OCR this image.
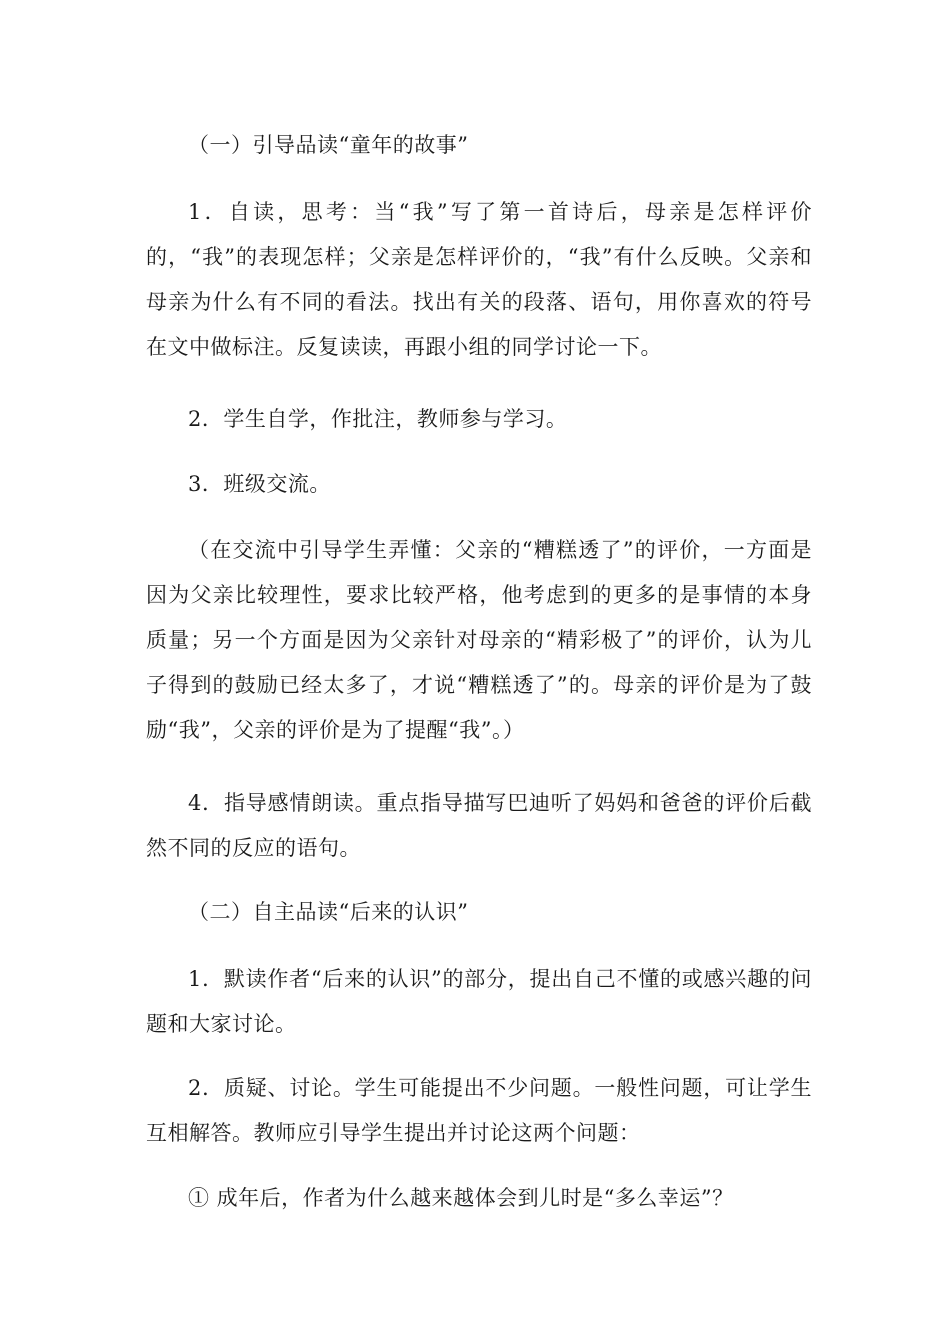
（一）引导品读“童年的故事”

1．自读，思考：当“我”写了第一首诗后，母亲是怎样评价的，“我”的表现怎样；父亲是怎样评价的，“我”有什么反映。父亲和母亲为什么有不同的看法。找出有关的段落、语句，用你喜欢的符号在文中做标注。反复读读，再跟小组的同学讨论一下。

2．学生自学，作批注，教师参与学习。

3．班级交流。

（在交流中引导学生弄懂：父亲的“糟糕透了”的评价，一方面是因为父亲比较理性，要求比较严格，他考虑到的更多的是事情的本身质量；另一个方面是因为父亲针对母亲的“精彩极了”的评价，认为儿子得到的鼓励已经太多了，才说“糟糕透了”的。母亲的评价是为了鼓励“我”，父亲的评价是为了提醒“我”。）

4．指导感情朗读。重点指导描写巴迪听了妈妈和爸爸的评价后截然不同的反应的语句。

（二）自主品读“后来的认识”

1．默读作者“后来的认识”的部分，提出自己不懂的或感兴趣的问题和大家讨论。

2．质疑、讨论。学生可能提出不少问题。一般性问题，可让学生互相解答。教师应引导学生提出并讨论这两个问题：

① 成年后，作者为什么越来越体会到儿时是“多么幸运”？
